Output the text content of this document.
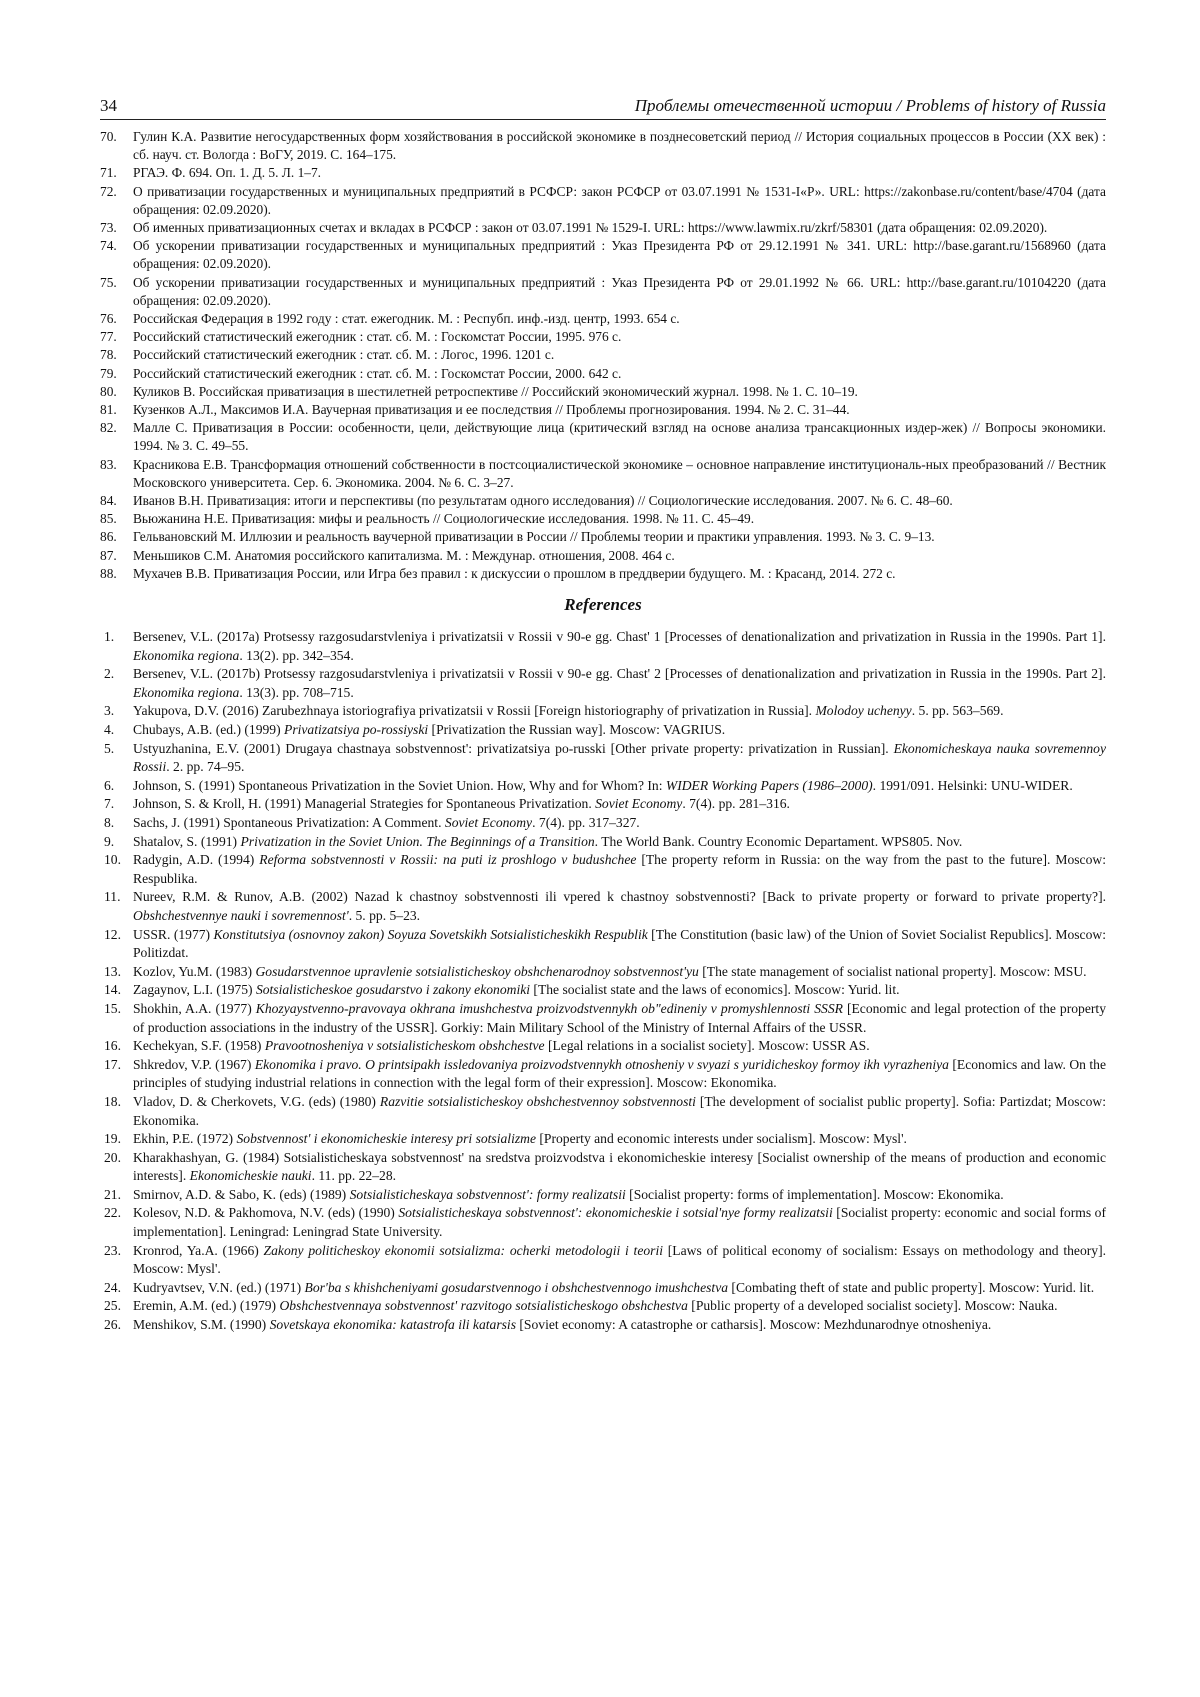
34	Проблемы отечественной истории / Problems of history of Russia
70. Гулин К.А. Развитие негосударственных форм хозяйствования в российской экономике в позднесоветский период // История социальных процессов в России (XX век) : сб. науч. ст. Вологда : ВоГУ, 2019. С. 164–175.
71. РГАЭ. Ф. 694. Оп. 1. Д. 5. Л. 1–7.
72. О приватизации государственных и муниципальных предприятий в РСФСР: закон РСФСР от 03.07.1991 № 1531-I«Р». URL: https://zakonbase.ru/content/base/4704 (дата обращения: 02.09.2020).
73. Об именных приватизационных счетах и вкладах в РСФСР : закон от 03.07.1991 № 1529-I. URL: https://www.lawmix.ru/zkrf/58301 (дата обращения: 02.09.2020).
74. Об ускорении приватизации государственных и муниципальных предприятий : Указ Президента РФ от 29.12.1991 № 341. URL: http://base.garant.ru/1568960 (дата обращения: 02.09.2020).
75. Об ускорении приватизации государственных и муниципальных предприятий : Указ Президента РФ от 29.01.1992 № 66. URL: http://base.garant.ru/10104220 (дата обращения: 02.09.2020).
76. Российская Федерация в 1992 году : стат. ежегодник. М. : Респубп. инф.-изд. центр, 1993. 654 с.
77. Российский статистический ежегодник : стат. сб. М. : Госкомстат России, 1995. 976 с.
78. Российский статистический ежегодник : стат. сб. М. : Логос, 1996. 1201 с.
79. Российский статистический ежегодник : стат. сб. М. : Госкомстат России, 2000. 642 с.
80. Куликов В. Российская приватизация в шестилетней ретроспективе // Российский экономический журнал. 1998. № 1. С. 10–19.
81. Кузенков А.Л., Максимов И.А. Ваучерная приватизация и ее последствия // Проблемы прогнозирования. 1994. № 2. С. 31–44.
82. Малле С. Приватизация в России: особенности, цели, действующие лица (критический взгляд на основе анализа трансакционных издер-жек) // Вопросы экономики. 1994. № 3. С. 49–55.
83. Красникова Е.В. Трансформация отношений собственности в постсоциалистической экономике – основное направление институциональ-ных преобразований // Вестник Московского университета. Сер. 6. Экономика. 2004. № 6. С. 3–27.
84. Иванов В.Н. Приватизация: итоги и перспективы (по результатам одного исследования) // Социологические исследования. 2007. № 6. С. 48–60.
85. Вьюжанина Н.Е. Приватизация: мифы и реальность // Социологические исследования. 1998. № 11. С. 45–49.
86. Гельвановский М. Иллюзии и реальность ваучерной приватизации в России // Проблемы теории и практики управления. 1993. № 3. С. 9–13.
87. Меньшиков С.М. Анатомия российского капитализма. М. : Междунар. отношения, 2008. 464 с.
88. Мухачев В.В. Приватизация России, или Игра без правил : к дискуссии о прошлом в преддверии будущего. М. : Красанд, 2014. 272 с.
References
1. Bersenev, V.L. (2017a) Protsessy razgosudarstvleniya i privatizatsii v Rossii v 90-e gg. Chast' 1 [Processes of denationalization and privatization in Russia in the 1990s. Part 1]. Ekonomika regiona. 13(2). pp. 342–354.
2. Bersenev, V.L. (2017b) Protsessy razgosudarstvleniya i privatizatsii v Rossii v 90-e gg. Chast' 2 [Processes of denationalization and privatization in Russia in the 1990s. Part 2]. Ekonomika regiona. 13(3). pp. 708–715.
3. Yakupova, D.V. (2016) Zarubezhnaya istoriografiya privatizatsii v Rossii [Foreign historiography of privatization in Russia]. Molodoy uchenyy. 5. pp. 563–569.
4. Chubays, A.B. (ed.) (1999) Privatizatsiya po-rossiyski [Privatization the Russian way]. Moscow: VAGRIUS.
5. Ustyuzhanina, E.V. (2001) Drugaya chastnaya sobstvennost': privatizatsiya po-russki [Other private property: privatization in Russian]. Ekonomicheskaya nauka sovremennoy Rossii. 2. pp. 74–95.
6. Johnson, S. (1991) Spontaneous Privatization in the Soviet Union. How, Why and for Whom? In: WIDER Working Papers (1986–2000). 1991/091. Helsinki: UNU-WIDER.
7. Johnson, S. & Kroll, H. (1991) Managerial Strategies for Spontaneous Privatization. Soviet Economy. 7(4). pp. 281–316.
8. Sachs, J. (1991) Spontaneous Privatization: A Comment. Soviet Economy. 7(4). pp. 317–327.
9. Shatalov, S. (1991) Privatization in the Soviet Union. The Beginnings of a Transition. The World Bank. Country Economic Departament. WPS805. Nov.
10. Radygin, A.D. (1994) Reforma sobstvennosti v Rossii: na puti iz proshlogo v budushchee [The property reform in Russia: on the way from the past to the future]. Moscow: Respublika.
11. Nureev, R.M. & Runov, A.B. (2002) Nazad k chastnoy sobstvennosti ili vpered k chastnoy sobstvennosti? [Back to private property or forward to private property?]. Obshchestvennye nauki i sovremennost'. 5. pp. 5–23.
12. USSR. (1977) Konstitutsiya (osnovnoy zakon) Soyuza Sovetskikh Sotsialisticheskikh Respublik [The Constitution (basic law) of the Union of Soviet Socialist Republics]. Moscow: Politizdat.
13. Kozlov, Yu.M. (1983) Gosudarstvennoe upravlenie sotsialisticheskoy obshchenarodnoy sobstvennost'yu [The state management of socialist national property]. Moscow: MSU.
14. Zagaynov, L.I. (1975) Sotsialisticheskoe gosudarstvo i zakony ekonomiki [The socialist state and the laws of economics]. Moscow: Yurid. lit.
15. Shokhin, A.A. (1977) Khozyaystvenno-pravovaya okhrana imushchestva proizvodstvennykh ob"edineniy v promyshlennosti SSSR [Economic and legal protection of the property of production associations in the industry of the USSR]. Gorkiy: Main Military School of the Ministry of Internal Affairs of the USSR.
16. Kechekyan, S.F. (1958) Pravootnosheniya v sotsialisticheskom obshchestve [Legal relations in a socialist society]. Moscow: USSR AS.
17. Shkredov, V.P. (1967) Ekonomika i pravo. O printsipakh issledovaniya proizvodstvennykh otnosheniy v svyazi s yuridicheskoy formoy ikh vyrazheniya [Economics and law. On the principles of studying industrial relations in connection with the legal form of their expression]. Moscow: Ekonomika.
18. Vladov, D. & Cherkovets, V.G. (eds) (1980) Razvitie sotsialisticheskoy obshchestvennoy sobstvennosti [The development of socialist public property]. Sofia: Partizdat; Moscow: Ekonomika.
19. Ekhin, P.E. (1972) Sobstvennost' i ekonomicheskie interesy pri sotsializme [Property and economic interests under socialism]. Moscow: Mysl'.
20. Kharakhashyan, G. (1984) Sotsialisticheskaya sobstvennost' na sredstva proizvodstva i ekonomicheskie interesy [Socialist ownership of the means of production and economic interests]. Ekonomicheskie nauki. 11. pp. 22–28.
21. Smirnov, A.D. & Sabo, K. (eds) (1989) Sotsialisticheskaya sobstvennost': formy realizatsii [Socialist property: forms of implementation]. Moscow: Ekonomika.
22. Kolesov, N.D. & Pakhomova, N.V. (eds) (1990) Sotsialisticheskaya sobstvennost': ekonomicheskie i sotsial'nye formy realizatsii [Socialist property: economic and social forms of implementation]. Leningrad: Leningrad State University.
23. Kronrod, Ya.A. (1966) Zakony politicheskoy ekonomii sotsializma: ocherki metodologii i teorii [Laws of political economy of socialism: Essays on methodology and theory]. Moscow: Mysl'.
24. Kudryavtsev, V.N. (ed.) (1971) Bor'ba s khishcheniyami gosudarstvennogo i obshchestvennogo imushchestva [Combating theft of state and public property]. Moscow: Yurid. lit.
25. Eremin, A.M. (ed.) (1979) Obshchestvennaya sobstvennost' razvitogo sotsialisticheskogo obshchestva [Public property of a developed socialist society]. Moscow: Nauka.
26. Menshikov, S.M. (1990) Sovetskaya ekonomika: katastrofa ili katarsis [Soviet economy: A catastrophe or catharsis]. Moscow: Mezhdunarodnye otnosheniya.
